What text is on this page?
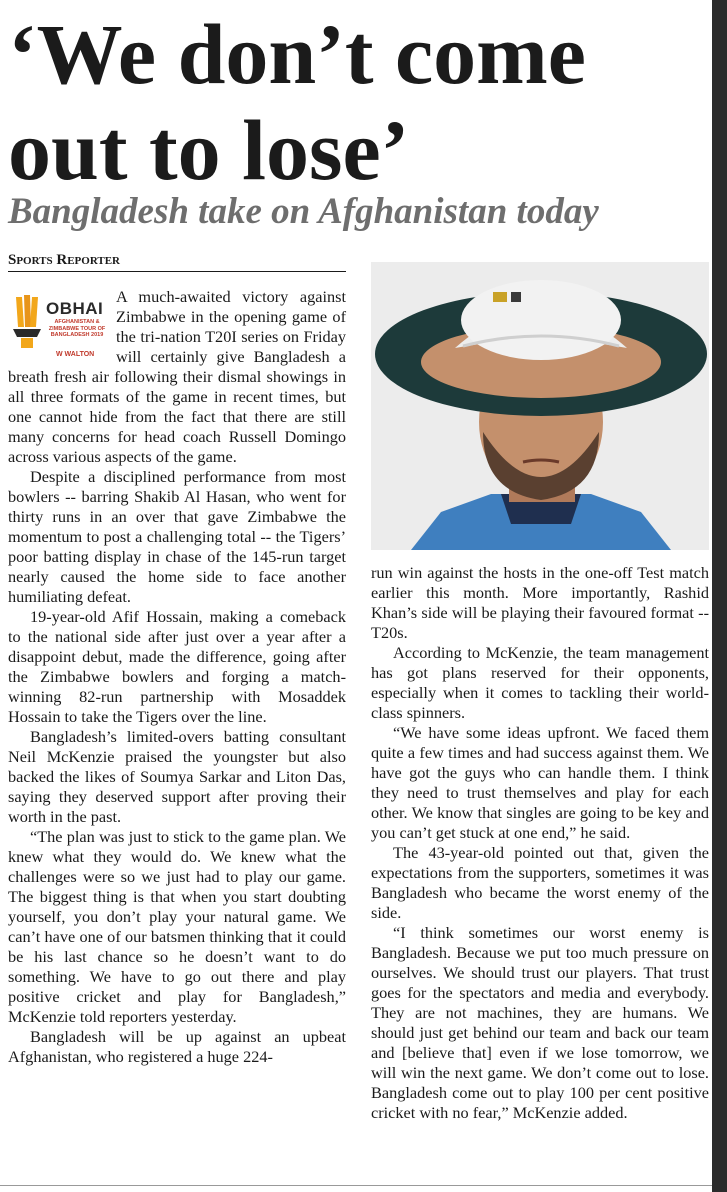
‘We don’t come
out to lose’
Bangladesh take on Afghanistan today
Sports Reporter
OBHAI
AFGHANISTAN & ZIMBABWE TOUR OF BANGLADESH 2019
W WALTON

A much-awaited victory against Zimbabwe in the opening game of the tri-nation T20I series on Friday will certainly give Bangladesh a breath fresh air following their dismal showings in all three formats of the game in recent times, but one cannot hide from the fact that there are still many concerns for head coach Russell Domingo across various aspects of the game.

Despite a disciplined performance from most bowlers -- barring Shakib Al Hasan, who went for thirty runs in an over that gave Zimbabwe the momentum to post a challenging total -- the Tigers’ poor batting display in chase of the 145-run target nearly caused the home side to face another humiliating defeat.

19-year-old Afif Hossain, making a comeback to the national side after just over a year after a disappoint debut, made the difference, going after the Zimbabwe bowlers and forging a match-winning 82-run partnership with Mosaddek Hossain to take the Tigers over the line.

Bangladesh’s limited-overs batting consultant Neil McKenzie praised the youngster but also backed the likes of Soumya Sarkar and Liton Das, saying they deserved support after proving their worth in the past.

“The plan was just to stick to the game plan. We knew what they would do. We knew what the challenges were so we just had to play our game. The biggest thing is that when you start doubting yourself, you don’t play your natural game. We can’t have one of our batsmen thinking that it could be his last chance so he doesn’t want to do something. We have to go out there and play positive cricket and play for Bangladesh,” McKenzie told reporters yesterday.

Bangladesh will be up against an upbeat Afghanistan, who registered a huge 224-

run win against the hosts in the one-off Test match earlier this month. More importantly, Rashid Khan’s side will be playing their favoured format -- T20s.

According to McKenzie, the team management has got plans reserved for their opponents, especially when it comes to tackling their world-class spinners.

“We have some ideas upfront. We faced them quite a few times and had success against them. We have got the guys who can handle them. I think they need to trust themselves and play for each other. We know that singles are going to be key and you can’t get stuck at one end,” he said.

The 43-year-old pointed out that, given the expectations from the supporters, sometimes it was Bangladesh who became the worst enemy of the side.

“I think sometimes our worst enemy is Bangladesh. Because we put too much pressure on ourselves. We should trust our players. That trust goes for the spectators and media and everybody. They are not machines, they are humans. We should just get behind our team and back our team and [believe that] even if we lose tomorrow, we will win the next game. We don’t come out to lose. Bangladesh come out to play 100 per cent positive cricket with no fear,” McKenzie added.
